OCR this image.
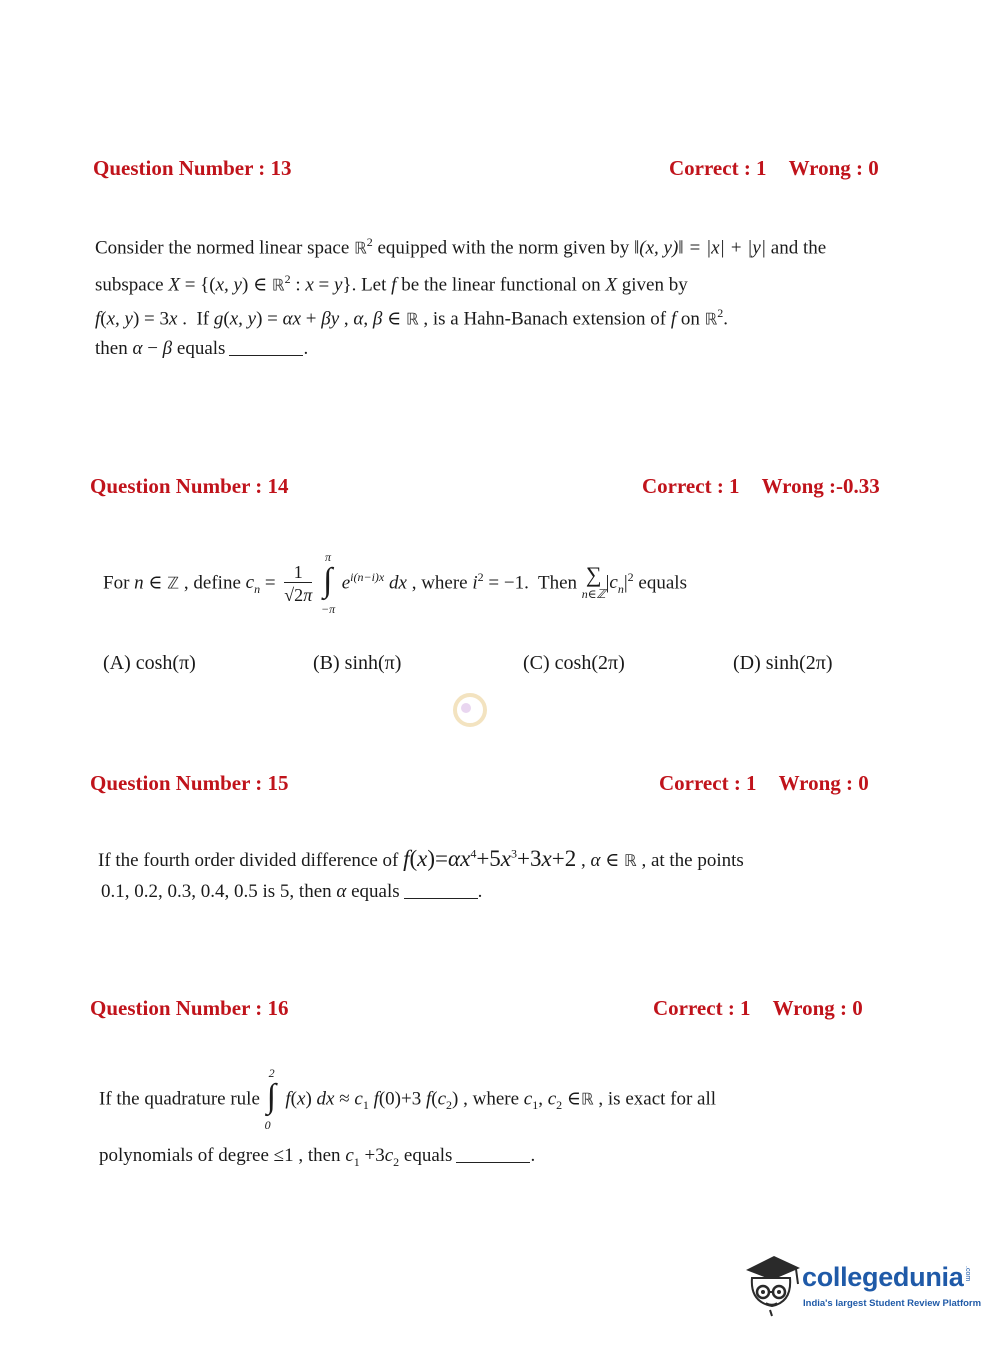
Question Number : 13	Correct : 1 Wrong : 0
Consider the normed linear space ℝ$^2$ equipped with the norm given by ‖(x, y)‖ = |x| + |y| and the
subspace X = {(x, y) ∈ ℝ$^2$ : x = y}. Let f be the linear functional on X given by
f(x, y) = 3x .  If g(x, y) = αx + βy , α, β ∈ ℝ , is a Hahn-Banach extension of f on ℝ$^2$.
then α − β equals	.
Question Number : 14	Correct : 1 Wrong :-0.33
For n ∈ ℤ , define $c_n = \frac{1}{√2\pi}$

π
∫
−π
$e^{i(n-i)x}$ dx , where $i^2 = -1$.  Then ∑
$n\in ℤ|c_n|^2$ equals
(A) cosh(π)	(B) sinh(π)	(C) cosh(2π)	(D) sinh(2π)
Question Number : 15	Correct : 1 Wrong : 0
If the fourth order divided difference of $f(x)=\alpha x^4+5x^3+3x+2$ , α ∈ ℝ , at the points
0.1, 0.2, 0.3, 0.4, 0.5 is 5, then α equals	.
Question Number : 16	Correct : 1 Wrong : 0
If the quadrature rule
2
∫
0
f(x) dx ≈ $c_1$ f(0)+3 $f(c_2)$ , where $c_1$, $c_2$ ∈ℝ , is exact for all
polynomials of degree ≤1 , then $c_1 +3c_2$ equals	.
collegedunia .com
India's largest Student Review Platform
